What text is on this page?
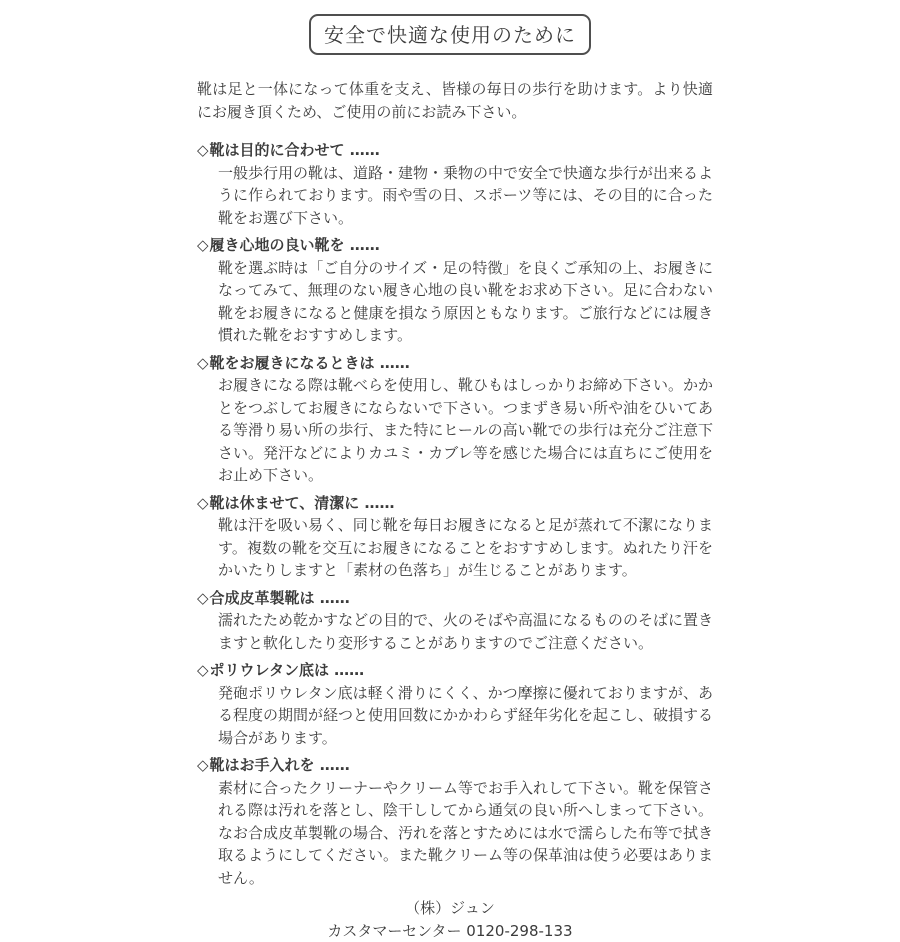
安全で快適な使用のために

靴は足と一体になって体重を支え、皆様の毎日の歩行を助けます。より快適にお履き頂くため、ご使用の前にお読み下さい。

◇靴は目的に合わせて ……

一般歩行用の靴は、道路・建物・乗物の中で安全で快適な歩行が出来るように作られております。雨や雪の日、スポーツ等には、その目的に合った靴をお選び下さい。

◇履き心地の良い靴を ……

靴を選ぶ時は「ご自分のサイズ・足の特徴」を良くご承知の上、お履きになってみて、無理のない履き心地の良い靴をお求め下さい。足に合わない靴をお履きになると健康を損なう原因ともなります。ご旅行などには履き慣れた靴をおすすめします。

◇靴をお履きになるときは ……

お履きになる際は靴べらを使用し、靴ひもはしっかりお締め下さい。かかとをつぶしてお履きにならないで下さい。つまずき易い所や油をひいてある等滑り易い所の歩行、また特にヒールの高い靴での歩行は充分ご注意下さい。発汗などによりカユミ・カブレ等を感じた場合には直ちにご使用をお止め下さい。

◇靴は休ませて、清潔に ……

靴は汗を吸い易く、同じ靴を毎日お履きになると足が蒸れて不潔になります。複数の靴を交互にお履きになることをおすすめします。ぬれたり汗をかいたりしますと「素材の色落ち」が生じることがあります。

◇合成皮革製靴は ……

濡れたため乾かすなどの目的で、火のそばや高温になるもののそばに置きますと軟化したり変形することがありますのでご注意ください。

◇ポリウレタン底は ……

発砲ポリウレタン底は軽く滑りにくく、かつ摩擦に優れておりますが、ある程度の期間が経つと使用回数にかかわらず経年劣化を起こし、破損する場合があります。

◇靴はお手入れを ……

素材に合ったクリーナーやクリーム等でお手入れして下さい。靴を保管される際は汚れを落とし、陰干ししてから通気の良い所へしまって下さい。

なお合成皮革製靴の場合、汚れを落とすためには水で濡らした布等で拭き取るようにしてください。また靴クリーム等の保革油は使う必要はありません。

（株）ジュン
カスタマーセンター 0120-298-133
